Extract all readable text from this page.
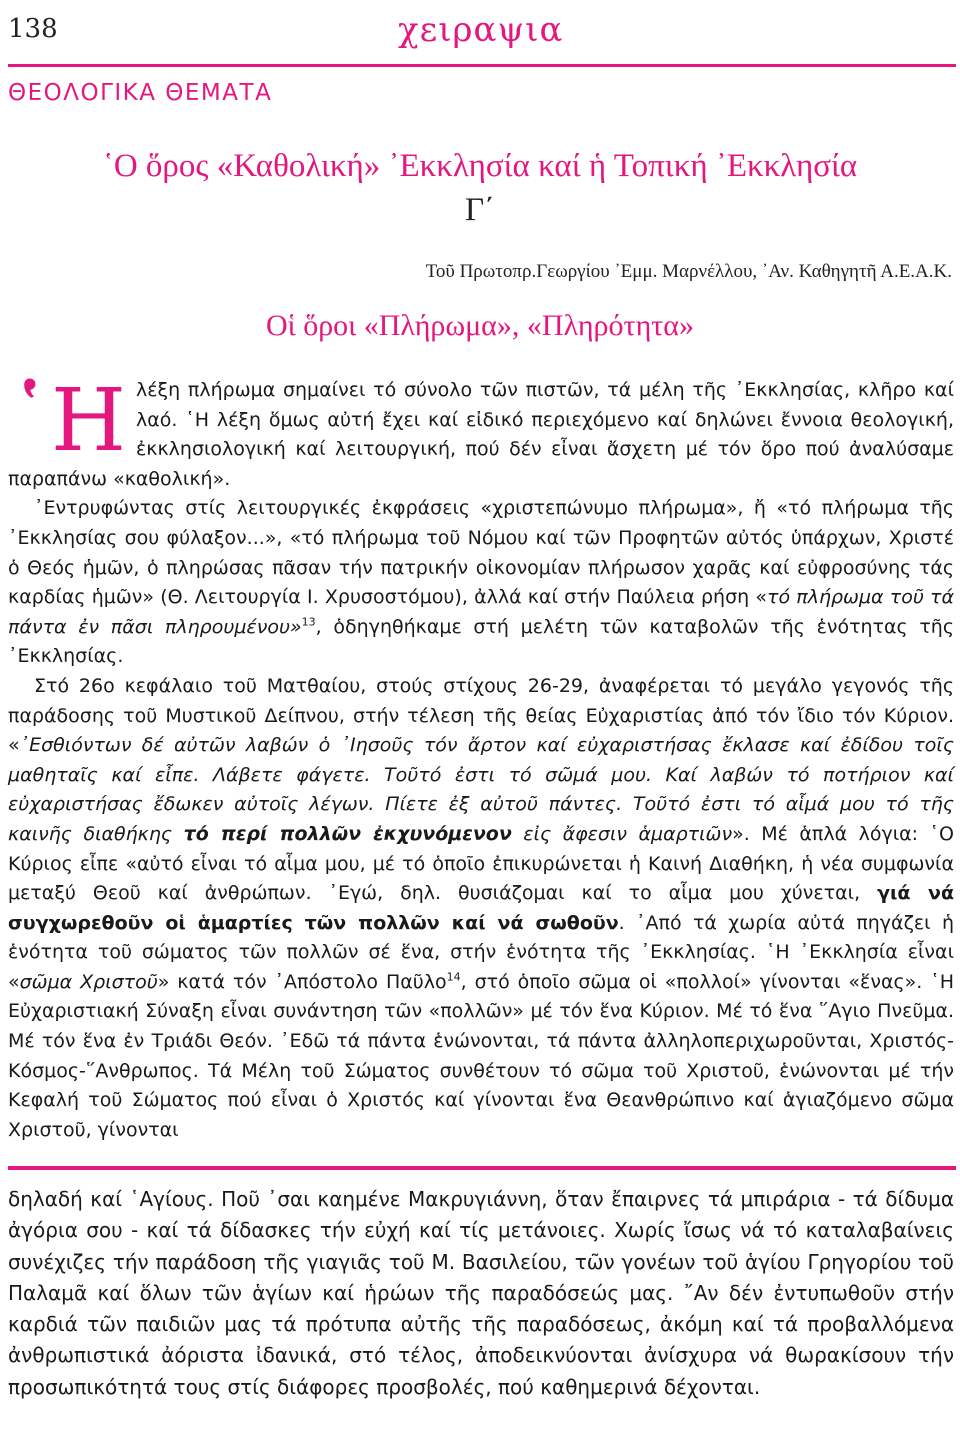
138	χειραψια
ΘΕΟΛΟΓΙΚΑ ΘΕΜΑΤΑ
῾Ο ὅρος «Καθολική» ᾿Εκκλησία καί ἡ Τοπική ᾿Εκκλησία
Γ΄
Τοῦ Πρωτοπρ.Γεωργίου ᾿Εμμ. Μαρνέλλου, ᾿Αν. Καθηγητῆ Α.Ε.Α.Κ.
Οἱ ὅροι «Πλήρωμα», «Πληρότητα»

῾Η λέξη πλήρωμα σημαίνει τό σύνολο τῶν πιστῶν, τά μέλη τῆς ᾿Εκκλησίας, κλῆρο καί λαό. ῾Η λέξη ὅμως αὐτή ἔχει καί εἰδικό περιεχόμενο καί δηλώνει ἔννοια θεολογική, ἐκκλησιολογική καί λειτουργική, πού δέν εἶναι ἄσχετη μέ τόν ὅρο πού ἀναλύσαμε παραπάνω «καθολική».

᾿Εντρυφώντας στίς λειτουργικές ἐκφράσεις «χριστεπώνυμο πλήρωμα», ἤ «τό πλήρωμα τῆς ᾿Εκκλησίας σου φύλαξον...», «τό πλήρωμα τοῦ Νόμου καί τῶν Προφητῶν αὐτός ὑπάρχων, Χριστέ ὁ Θεός ἡμῶν, ὁ πληρώσας πᾶσαν τήν πατρικήν οἰκονομίαν πλήρωσον χαρᾶς καί εὐφροσύνης τάς καρδίας ἡμῶν» (Θ. Λειτουργία Ι. Χρυσοστόμου), ἀλλά καί στήν Παύλεια ρήση «τό πλήρωμα τοῦ τά πάντα ἐν πᾶσι πληρουμένου»$^{13}$, ὁδηγηθήκαμε στή μελέτη τῶν καταβολῶν τῆς ἑνότητας τῆς ᾿Εκκλησίας.

Στό 26ο κεφάλαιο τοῦ Ματθαίου, στούς στίχους 26-29, ἀναφέρεται τό μεγάλο γεγονός τῆς παράδοσης τοῦ Μυστικοῦ Δείπνου, στήν τέλεση τῆς θείας Εὐχαριστίας ἀπό τόν ἴδιο τόν Κύριον. «᾿Εσθιόντων δέ αὐτῶν λαβών ὁ ᾿Ιησοῦς τόν ἄρτον καί εὐχαριστήσας ἔκλασε καί ἐδίδου τοῖς μαθηταῖς καί εἶπε. Λάβετε φάγετε. Τοῦτό ἐστι τό σῶμά μου. Καί λαβών τό ποτήριον καί εὐχαριστήσας ἔδωκεν αὐτοῖς λέγων. Πίετε ἐξ αὐτοῦ πάντες. Τοῦτό ἐστι τό αἷμά μου τό τῆς καινῆς διαθήκης τό περί πολλῶν ἐκχυνόμενον εἰς ἄφεσιν ἁμαρτιῶν». Μέ ἁπλά λόγια: ῾Ο Κύριος εἶπε «αὐτό εἶναι τό αἷμα μου, μέ τό ὁποῖο ἐπικυρώνεται ἡ Καινή Διαθήκη, ἡ νέα συμφωνία μεταξύ Θεοῦ καί ἀνθρώπων. ᾿Εγώ, δηλ. θυσιάζομαι καί το αἷμα μου χύνεται, γιά νά συγχωρεθοῦν οἱ ἁμαρτίες τῶν πολλῶν καί νά σωθοῦν. ᾿Από τά χωρία αὐτά πηγάζει ἡ ἑνότητα τοῦ σώματος τῶν πολλῶν σέ ἕνα, στήν ἑνότητα τῆς ᾿Εκκλησίας. ῾Η ᾿Εκκλησία εἶναι «σῶμα Χριστοῦ» κατά τόν ᾿Απόστολο Παῦλο$^{14}$, στό ὁποῖο σῶμα οἱ «πολλοί» γίνονται «ἕνας». ῾Η Εὐχαριστιακή Σύναξη εἶναι συνάντηση τῶν «πολλῶν» μέ τόν ἕνα Κύριον. Μέ τό ἕνα ῞Αγιο Πνεῦμα. Μέ τόν ἕνα ἐν Τριάδι Θεόν. ᾿Εδῶ τά πάντα ἑνώνονται, τά πάντα ἀλληλοπεριχωροῦνται, Χριστός-Κόσμος-῞Ανθρωπος. Τά Μέλη τοῦ Σώματος συνθέτουν τό σῶμα τοῦ Χριστοῦ, ἑνώνονται μέ τήν Κεφαλή τοῦ Σώματος πού εἶναι ὁ Χριστός καί γίνονται ἕνα Θεανθρώπινο καί ἁγιαζόμενο σῶμα Χριστοῦ, γίνονται

δηλαδή καί ῾Αγίους. Ποῦ ᾽σαι καημένε Μακρυγιάννη, ὅταν ἔπαιρνες τά μπιράρια - τά δίδυμα ἀγόρια σου - καί τά δίδασκες τήν εὐχή καί τίς μετάνοιες. Χωρίς ἴσως νά τό καταλαβαίνεις συνέχιζες τήν παράδοση τῆς γιαγιᾶς τοῦ Μ. Βασιλείου, τῶν γονέων τοῦ ἁγίου Γρηγορίου τοῦ Παλαμᾶ καί ὅλων τῶν ἁγίων καί ἡρώων τῆς παραδόσεώς μας. ῎Αν δέν ἐντυπωθοῦν στήν καρδιά τῶν παιδιῶν μας τά πρότυπα αὐτῆς τῆς παραδόσεως, ἀκόμη καί τά προβαλλόμενα ἀνθρωπιστικά ἀόριστα ἰδανικά, στό τέλος, ἀποδεικνύονται ἀνίσχυρα νά θωρακίσουν τήν προσωπικότητά τους στίς διάφορες προσβολές, πού καθημερινά δέχονται.
